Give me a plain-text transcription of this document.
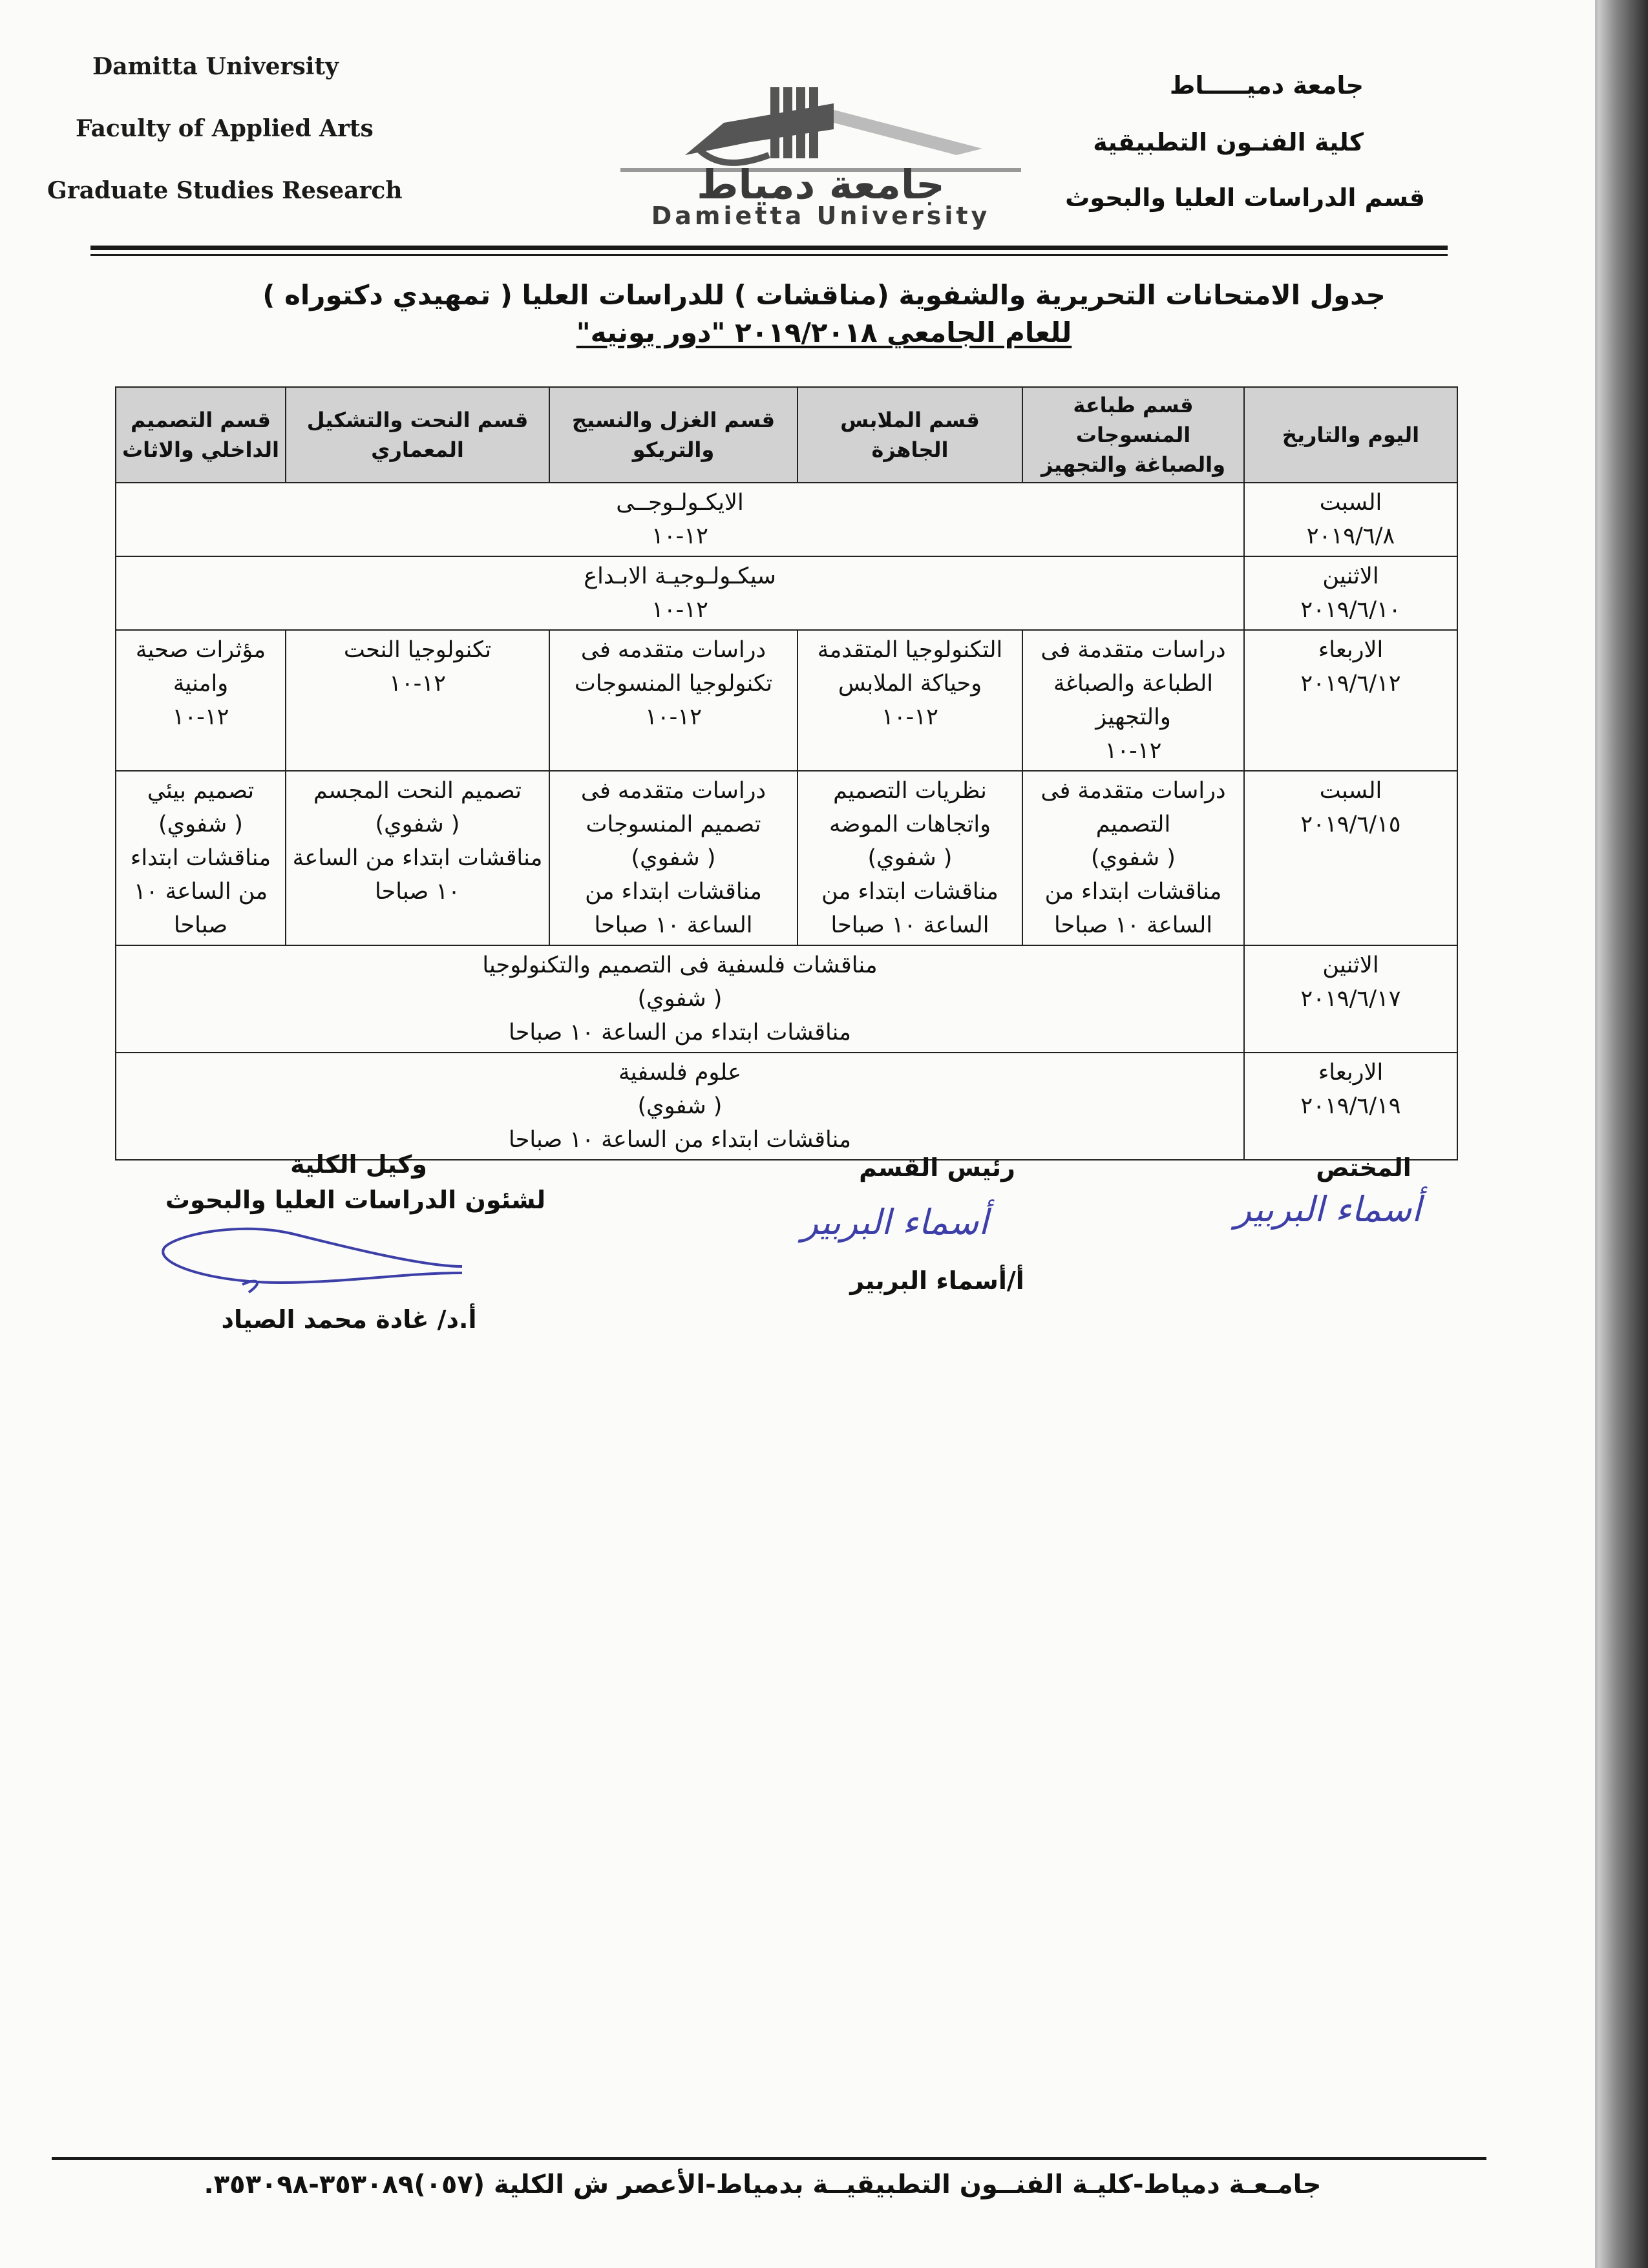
Damitta University
Faculty of Applied Arts
Graduate Studies Research
جامعة دميـــــاط
كلية الفنـون التطبيقية
قسم الدراسات العليا والبحوث
جامعة دمياط
Damietta University
جدول الامتحانات التحريرية والشفوية (مناقشات ) للدراسات العليا ( تمهيدي دكتوراه )
للعام الجامعي ٢٠١٩/٢٠١٨ "دور يونيه"
اليوم والتاريخ	قسم طباعة المنسوجات والصباغة والتجهيز	قسم الملابس الجاهزة	قسم الغزل والنسيج والتريكو	قسم النحت والتشكيل المعماري	قسم التصميم الداخلي والاثاث
السبت
٢٠١٩/٦/٨	الايكـولـوجــى
١٢-١٠				
الاثنين
٢٠١٩/٦/١٠	سيكـولـوجيـة الابـداع
١٢-١٠				
الاربعاء
٢٠١٩/٦/١٢	دراسات متقدمة فى الطباعة والصباغة والتجهيز
١٢-١٠	التكنولوجيا المتقدمة وحياكة الملابس
١٢-١٠	دراسات متقدمه فى تكنولوجيا المنسوجات
١٢-١٠	تكنولوجيا النحت
١٢-١٠	مؤثرات صحية وامنية
١٢-١٠
السبت
٢٠١٩/٦/١٥	دراسات متقدمة فى التصميم
( شفوي)
مناقشات ابتداء من الساعة ١٠ صباحا	نظريات التصميم واتجاهات الموضه
( شفوي)
مناقشات ابتداء من الساعة ١٠ صباحا	دراسات متقدمه فى تصميم المنسوجات
( شفوي)
مناقشات ابتداء من الساعة ١٠ صباحا	تصميم النحت المجسم
( شفوي)
مناقشات ابتداء من الساعة ١٠ صباحا	تصميم بيئي
( شفوي)
مناقشات ابتداء من الساعة ١٠ صباحا
الاثنين
٢٠١٩/٦/١٧	مناقشات فلسفية فى التصميم والتكنولوجيا
( شفوي)
مناقشات ابتداء من الساعة ١٠ صباحا				
الاربعاء
٢٠١٩/٦/١٩	علوم فلسفية
( شفوي)
مناقشات ابتداء من الساعة ١٠ صباحا				
المختص
أسماء البربير
رئيس القسم
أسماء البربير
أ/أسماء البربير
وكيل الكلية
لشئون الدراسات العليا والبحوث
أ.د/ غادة محمد الصياد
جامـعـة دمياط-كليـة الفنــون التطبيقيــة بدمياط-الأعصر ش الكلية (٠٥٧)٣٥٣٠٨٩-٣٥٣٠٩٨.
